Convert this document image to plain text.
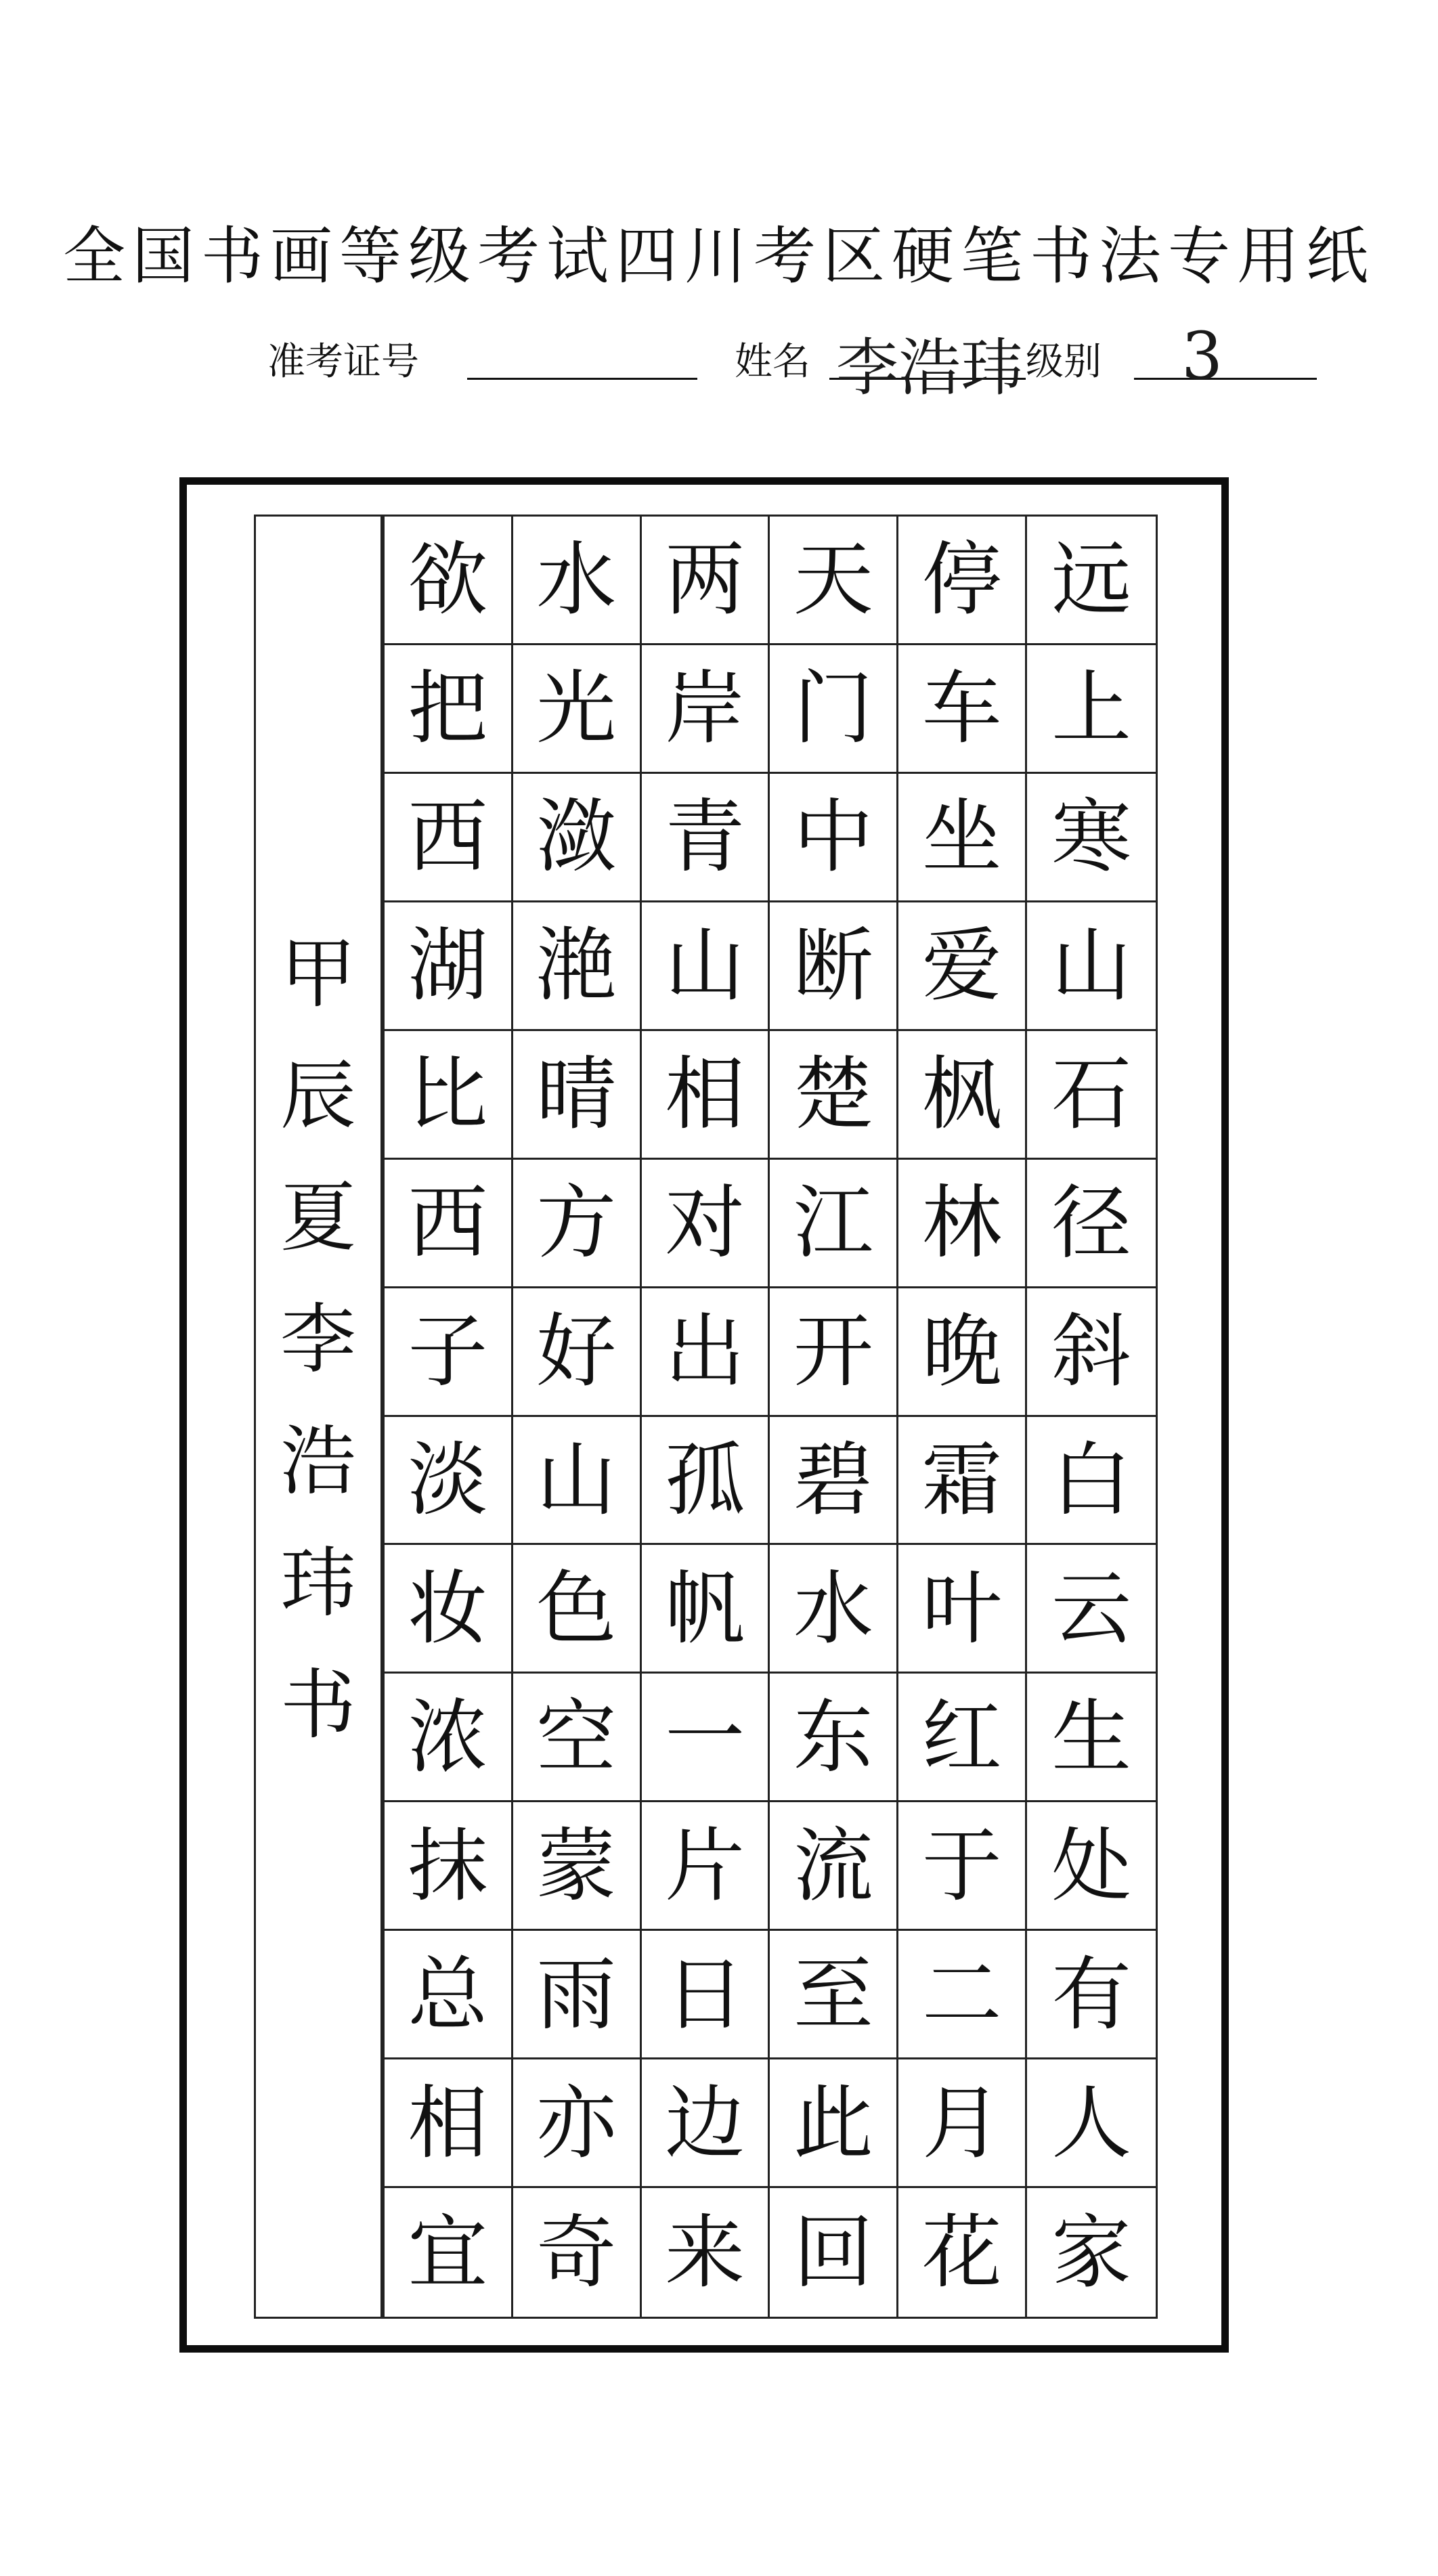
全国书画等级考试四川考区硬笔书法专用纸
准考证号	姓名 李浩玮 级别 3
甲
辰
夏
李
浩
玮
书
欲 水 两 天 停 远
把 光 岸 门 车 上
西 潋 青 中 坐 寒
湖 滟 山 断 爱 山
比 晴 相 楚 枫 石
西 方 对 江 林 径
子 好 出 开 晚 斜
淡 山 孤 碧 霜 白
妆 色 帆 水 叶 云
浓 空 一 东 红 生
抹 蒙 片 流 于 处
总 雨 日 至 二 有
相 亦 边 此 月 人
宜 奇 来 回 花 家
